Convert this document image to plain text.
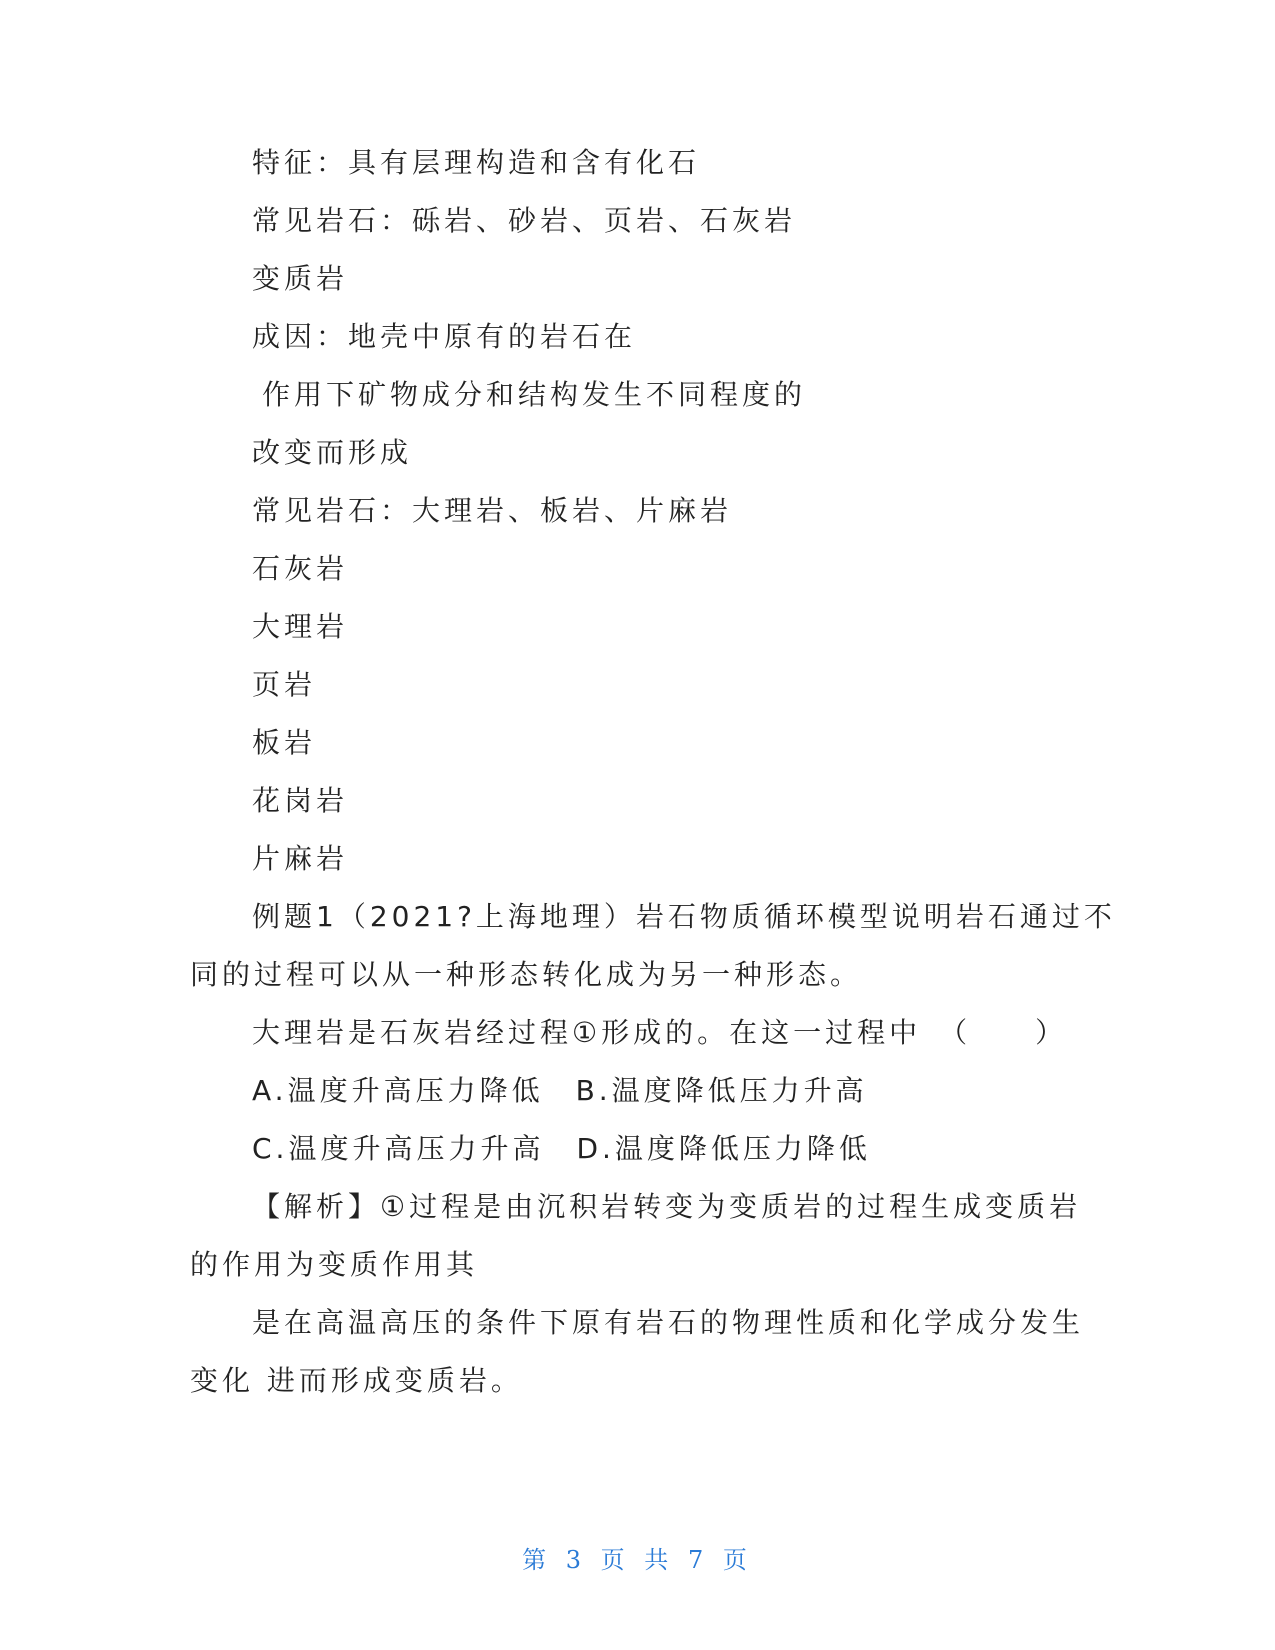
特征：具有层理构造和含有化石
常见岩石：砾岩、砂岩、页岩、石灰岩
变质岩
成因：地壳中原有的岩石在
作用下矿物成分和结构发生不同程度的
改变而形成
常见岩石：大理岩、板岩、片麻岩
石灰岩
大理岩
页岩
板岩
花岗岩
片麻岩
例题1（2021?上海地理）岩石物质循环模型说明岩石通过不
同的过程可以从一种形态转化成为另一种形态。
大理岩是石灰岩经过程①形成的。在这一过程中　（　　）
A.温度升高压力降低　B.温度降低压力升高
C.温度升高压力升高　D.温度降低压力降低
【解析】①过程是由沉积岩转变为变质岩的过程生成变质岩
的作用为变质作用其
是在高温高压的条件下原有岩石的物理性质和化学成分发生
变化 进而形成变质岩。
第 3 页 共 7 页
